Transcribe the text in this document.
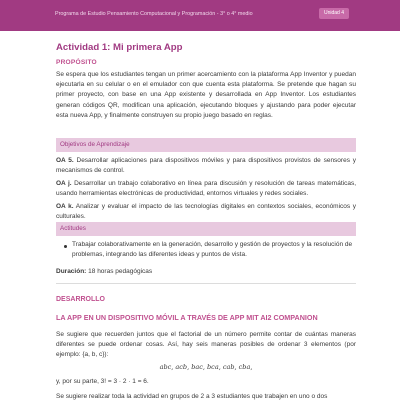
Programa de Estudio Pensamiento Computacional y Programación - 3° o 4° medio	Unidad 4
Actividad 1: Mi primera App
PROPÓSITO
Se espera que los estudiantes tengan un primer acercamiento con la plataforma App Inventor y puedan ejecutarla en su celular o en el emulador con que cuenta esta plataforma. Se pretende que hagan su primer proyecto, con base en una App existente y desarrollada en App Inventor. Los estudiantes generan códigos QR, modifican una aplicación, ejecutando bloques y ajustando para poder ejecutar esta nueva App, y finalmente construyen su propio juego basado en reglas.
Objetivos de Aprendizaje
OA 5. Desarrollar aplicaciones para dispositivos móviles y para dispositivos provistos de sensores y mecanismos de control.
OA j. Desarrollar un trabajo colaborativo en línea para discusión y resolución de tareas matemáticas, usando herramientas electrónicas de productividad, entornos virtuales y redes sociales.
OA k. Analizar y evaluar el impacto de las tecnologías digitales en contextos sociales, económicos y culturales.
Actitudes
Trabajar colaborativamente en la generación, desarrollo y gestión de proyectos y la resolución de problemas, integrando las diferentes ideas y puntos de vista.
Duración: 18 horas pedagógicas
DESARROLLO
LA APP EN UN DISPOSITIVO MÓVIL A TRAVÉS DE APP MIT AI2 COMPANION
Se sugiere que recuerden juntos que el factorial de un número permite contar de cuántas maneras diferentes se puede ordenar cosas. Así, hay seis maneras posibles de ordenar 3 elementos (por ejemplo: {a, b, c}):
abc, acb, bac, bca, cab, cba,
y, por su parte, 3! = 3 · 2 · 1 = 6.
Se sugiere realizar toda la actividad en grupos de 2 a 3 estudiantes que trabajen en uno o dos
